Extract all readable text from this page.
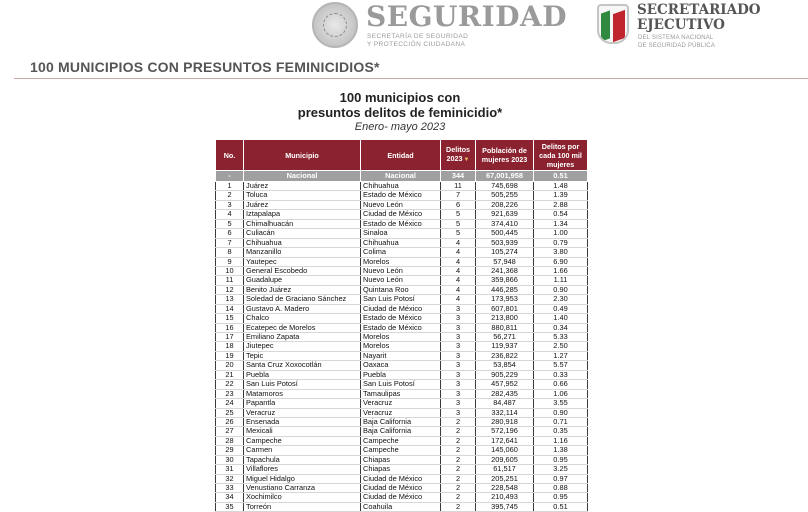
SEGURIDAD
SECRETARÍA DE SEGURIDAD
Y PROTECCIÓN CIUDADANA
SECRETARIADO
EJECUTIVO
DEL SISTEMA NACIONAL
DE SEGURIDAD PÚBLICA
100 MUNICIPIOS CON PRESUNTOS FEMINICIDIOS*
100 municipios con
presuntos delitos de feminicidio*
Enero- mayo 2023
No.	Municipio	Entidad	Delitos 2023▼	Población de mujeres 2023	Delitos por cada 100 mil mujeres
-	Nacional	Nacional	344	67,001,958	0.51
1	Juárez	Chihuahua	11	745,698	1.48
2	Toluca	Estado de México	7	505,255	1.39
3	Juárez	Nuevo León	6	208,226	2.88
4	Iztapalapa	Ciudad de México	5	921,639	0.54
5	Chimalhuacán	Estado de México	5	374,410	1.34
6	Culiacán	Sinaloa	5	500,445	1.00
7	Chihuahua	Chihuahua	4	503,939	0.79
8	Manzanillo	Colima	4	105,274	3.80
9	Yautepec	Morelos	4	57,948	6.90
10	General Escobedo	Nuevo León	4	241,368	1.66
11	Guadalupe	Nuevo León	4	359,866	1.11
12	Benito Juárez	Quintana Roo	4	446,285	0.90
13	Soledad de Graciano Sánchez	San Luis Potosí	4	173,953	2.30
14	Gustavo A. Madero	Ciudad de México	3	607,801	0.49
15	Chalco	Estado de México	3	213,800	1.40
16	Ecatepec de Morelos	Estado de México	3	880,811	0.34
17	Emiliano Zapata	Morelos	3	56,271	5.33
18	Jiutepec	Morelos	3	119,937	2.50
19	Tepic	Nayarit	3	236,822	1.27
20	Santa Cruz Xoxocotlán	Oaxaca	3	53,854	5.57
21	Puebla	Puebla	3	905,229	0.33
22	San Luis Potosí	San Luis Potosí	3	457,952	0.66
23	Matamoros	Tamaulipas	3	282,435	1.06
24	Papantla	Veracruz	3	84,487	3.55
25	Veracruz	Veracruz	3	332,114	0.90
26	Ensenada	Baja California	2	280,918	0.71
27	Mexicali	Baja California	2	572,196	0.35
28	Campeche	Campeche	2	172,641	1.16
29	Carmen	Campeche	2	145,060	1.38
30	Tapachula	Chiapas	2	209,605	0.95
31	Villaflores	Chiapas	2	61,517	3.25
32	Miguel Hidalgo	Ciudad de México	2	205,251	0.97
33	Venustiano Carranza	Ciudad de México	2	228,548	0.88
34	Xochimilco	Ciudad de México	2	210,493	0.95
35	Torreón	Coahuila	2	395,745	0.51
